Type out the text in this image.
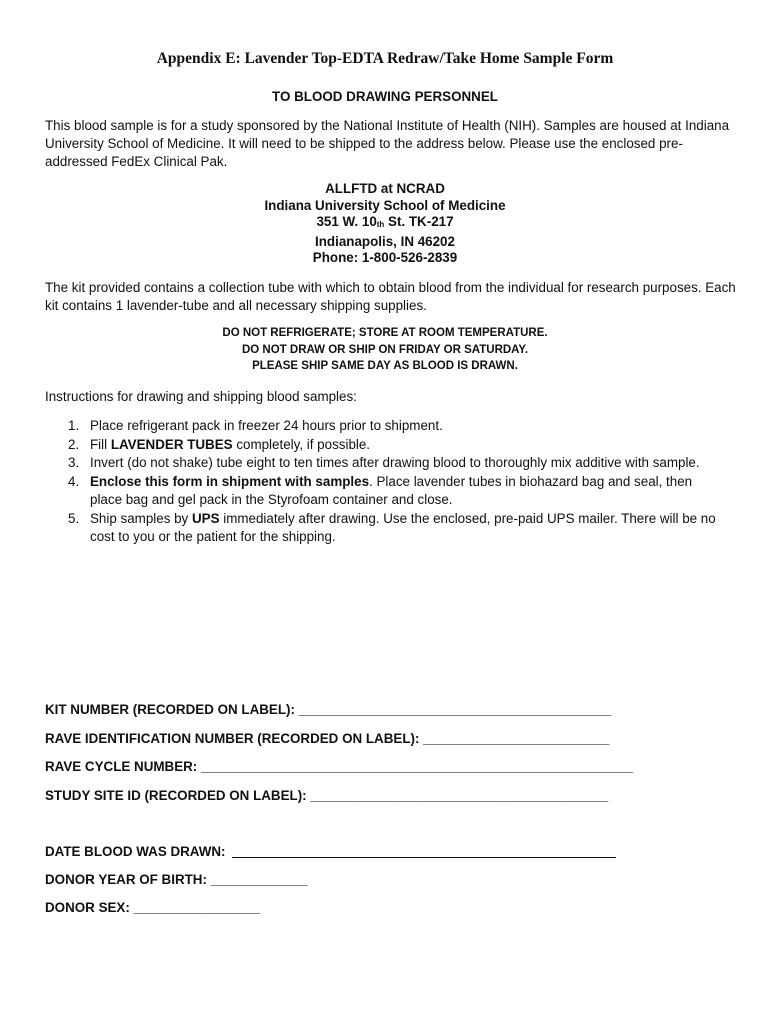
Appendix E: Lavender Top-EDTA Redraw/Take Home Sample Form
TO BLOOD DRAWING PERSONNEL
This blood sample is for a study sponsored by the National Institute of Health (NIH). Samples are housed at Indiana University School of Medicine. It will need to be shipped to the address below. Please use the enclosed pre-addressed FedEx Clinical Pak.
ALLFTD at NCRAD
Indiana University School of Medicine
351 W. $10_{th}$ St. TK-217
Indianapolis, IN 46202
Phone: 1-800-526-2839
The kit provided contains a collection tube with which to obtain blood from the individual for research purposes. Each kit contains 1 lavender-tube and all necessary shipping supplies.
DO NOT REFRIGERATE; STORE AT ROOM TEMPERATURE.
DO NOT DRAW OR SHIP ON FRIDAY OR SATURDAY.
PLEASE SHIP SAME DAY AS BLOOD IS DRAWN.
Instructions for drawing and shipping blood samples:
1. Place refrigerant pack in freezer 24 hours prior to shipment.
2. Fill LAVENDER TUBES completely, if possible.
3. Invert (do not shake) tube eight to ten times after drawing blood to thoroughly mix additive with sample.
4. Enclose this form in shipment with samples. Place lavender tubes in biohazard bag and seal, then place bag and gel pack in the Styrofoam container and close.
5. Ship samples by UPS immediately after drawing. Use the enclosed, pre-paid UPS mailer. There will be no cost to you or the patient for the shipping.
KIT NUMBER (RECORDED ON LABEL): __________________________________________
RAVE IDENTIFICATION NUMBER (RECORDED ON LABEL): _________________________
RAVE CYCLE NUMBER: __________________________________________________________
STUDY SITE ID (RECORDED ON LABEL): ________________________________________
DATE BLOOD WAS DRAWN:
DONOR YEAR OF BIRTH: _____________
DONOR SEX: _________________
